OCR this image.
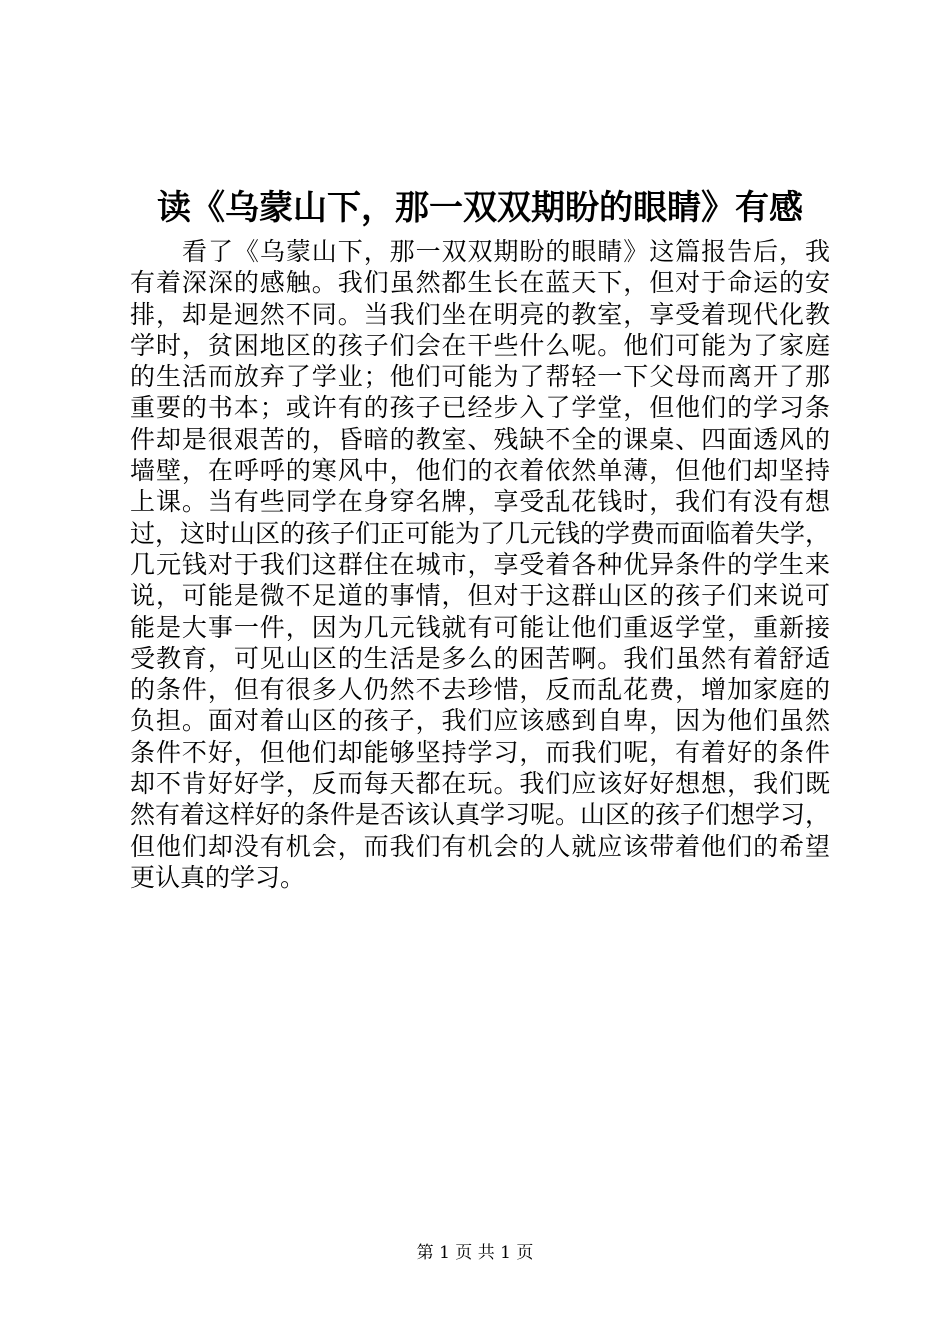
读《乌蒙山下，那一双双期盼的眼睛》有感
看了《乌蒙山下，那一双双期盼的眼睛》这篇报告后，我
有着深深的感触。我们虽然都生长在蓝天下，但对于命运的安
排，却是迥然不同。当我们坐在明亮的教室，享受着现代化教
学时，贫困地区的孩子们会在干些什么呢。他们可能为了家庭
的生活而放弃了学业；他们可能为了帮轻一下父母而离开了那
重要的书本；或许有的孩子已经步入了学堂，但他们的学习条
件却是很艰苦的，昏暗的教室、残缺不全的课桌、四面透风的
墙壁，在呼呼的寒风中，他们的衣着依然单薄，但他们却坚持
上课。当有些同学在身穿名牌，享受乱花钱时，我们有没有想
过，这时山区的孩子们正可能为了几元钱的学费而面临着失学，
几元钱对于我们这群住在城市，享受着各种优异条件的学生来
说，可能是微不足道的事情，但对于这群山区的孩子们来说可
能是大事一件，因为几元钱就有可能让他们重返学堂，重新接
受教育，可见山区的生活是多么的困苦啊。我们虽然有着舒适
的条件，但有很多人仍然不去珍惜，反而乱花费，增加家庭的
负担。面对着山区的孩子，我们应该感到自卑，因为他们虽然
条件不好，但他们却能够坚持学习，而我们呢，有着好的条件
却不肯好好学，反而每天都在玩。我们应该好好想想，我们既
然有着这样好的条件是否该认真学习呢。山区的孩子们想学习，
但他们却没有机会，而我们有机会的人就应该带着他们的希望
更认真的学习。
第 1 页 共 1 页
